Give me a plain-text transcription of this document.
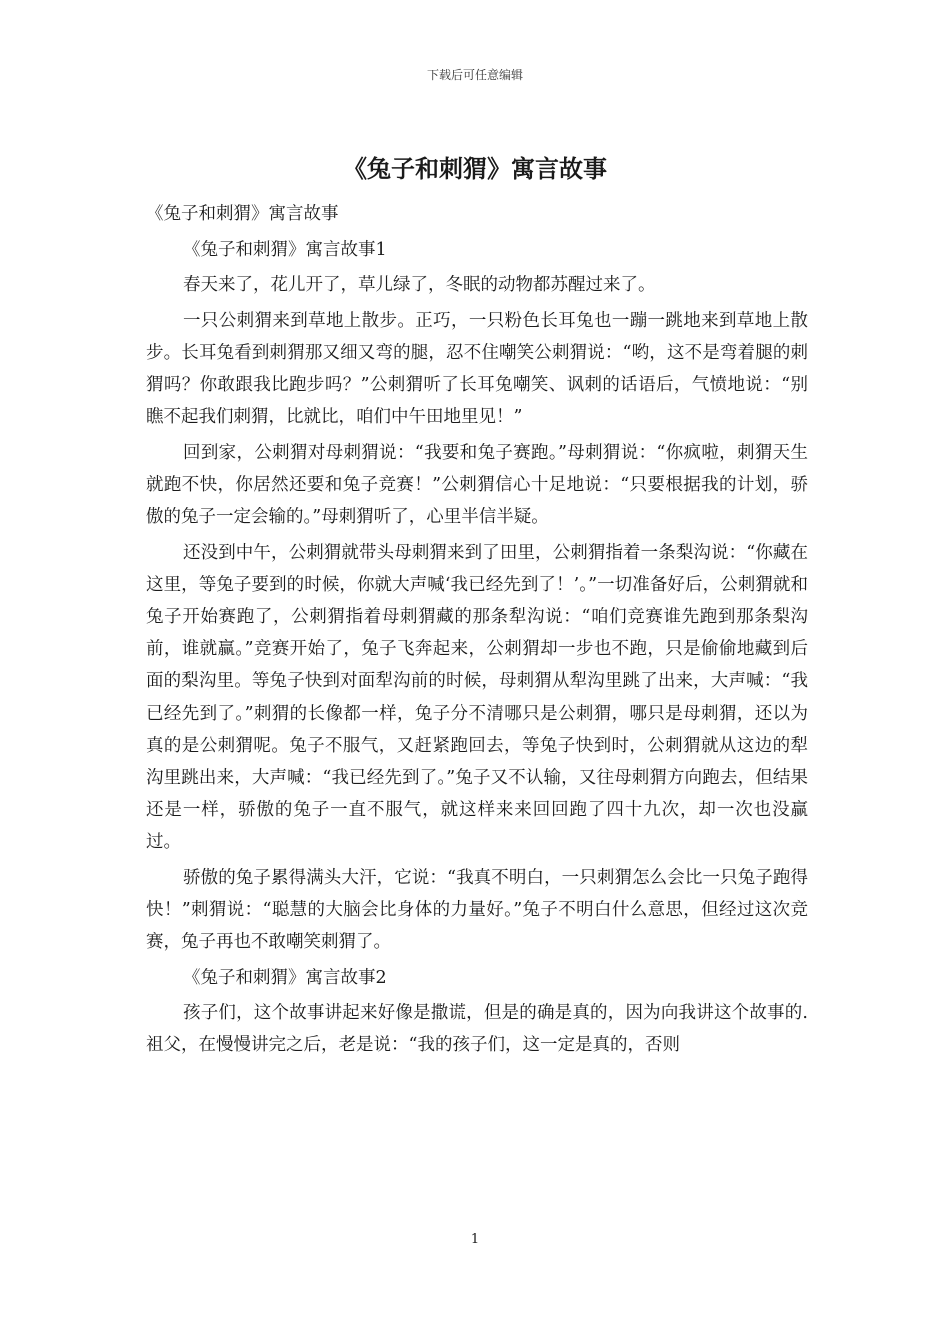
下载后可任意编辑
《兔子和刺猬》寓言故事

《兔子和刺猬》寓言故事

《兔子和刺猬》寓言故事1

春天来了，花儿开了，草儿绿了，冬眠的动物都苏醒过来了。

一只公刺猬来到草地上散步。正巧，一只粉色长耳兔也一蹦一跳地来到草地上散步。长耳兔看到刺猬那又细又弯的腿，忍不住嘲笑公刺猬说：“哟，这不是弯着腿的刺猬吗？你敢跟我比跑步吗？”公刺猬听了长耳兔嘲笑、讽刺的话语后，气愤地说：“别瞧不起我们刺猬，比就比，咱们中午田地里见！”

回到家，公刺猬对母刺猬说：“我要和兔子赛跑。”母刺猬说：“你疯啦，刺猬天生就跑不快，你居然还要和兔子竞赛！”公刺猬信心十足地说：“只要根据我的计划，骄傲的兔子一定会输的。”母刺猬听了，心里半信半疑。

还没到中午，公刺猬就带头母刺猬来到了田里，公刺猬指着一条梨沟说：“你藏在这里，等兔子要到的时候，你就大声喊‘我已经先到了！’。”一切准备好后，公刺猬就和兔子开始赛跑了，公刺猬指着母刺猬藏的那条犁沟说：“咱们竞赛谁先跑到那条梨沟前，谁就赢。”竞赛开始了，兔子飞奔起来，公刺猬却一步也不跑，只是偷偷地藏到后面的梨沟里。等兔子快到对面犁沟前的时候，母刺猬从犁沟里跳了出来，大声喊：“我已经先到了。”刺猬的长像都一样，兔子分不清哪只是公刺猬，哪只是母刺猬，还以为真的是公刺猬呢。兔子不服气，又赶紧跑回去，等兔子快到时，公刺猬就从这边的犁沟里跳出来，大声喊：“我已经先到了。”兔子又不认输，又往母刺猬方向跑去，但结果还是一样，骄傲的兔子一直不服气，就这样来来回回跑了四十九次，却一次也没赢过。

骄傲的兔子累得满头大汗，它说：“我真不明白，一只刺猬怎么会比一只兔子跑得快！”刺猬说：“聪慧的大脑会比身体的力量好。”兔子不明白什么意思，但经过这次竞赛，兔子再也不敢嘲笑刺猬了。

《兔子和刺猬》寓言故事2

孩子们，这个故事讲起来好像是撒谎，但是的确是真的，因为向我讲这个故事的.祖父，在慢慢讲完之后，老是说：“我的孩子们，这一定是真的，否则

1
